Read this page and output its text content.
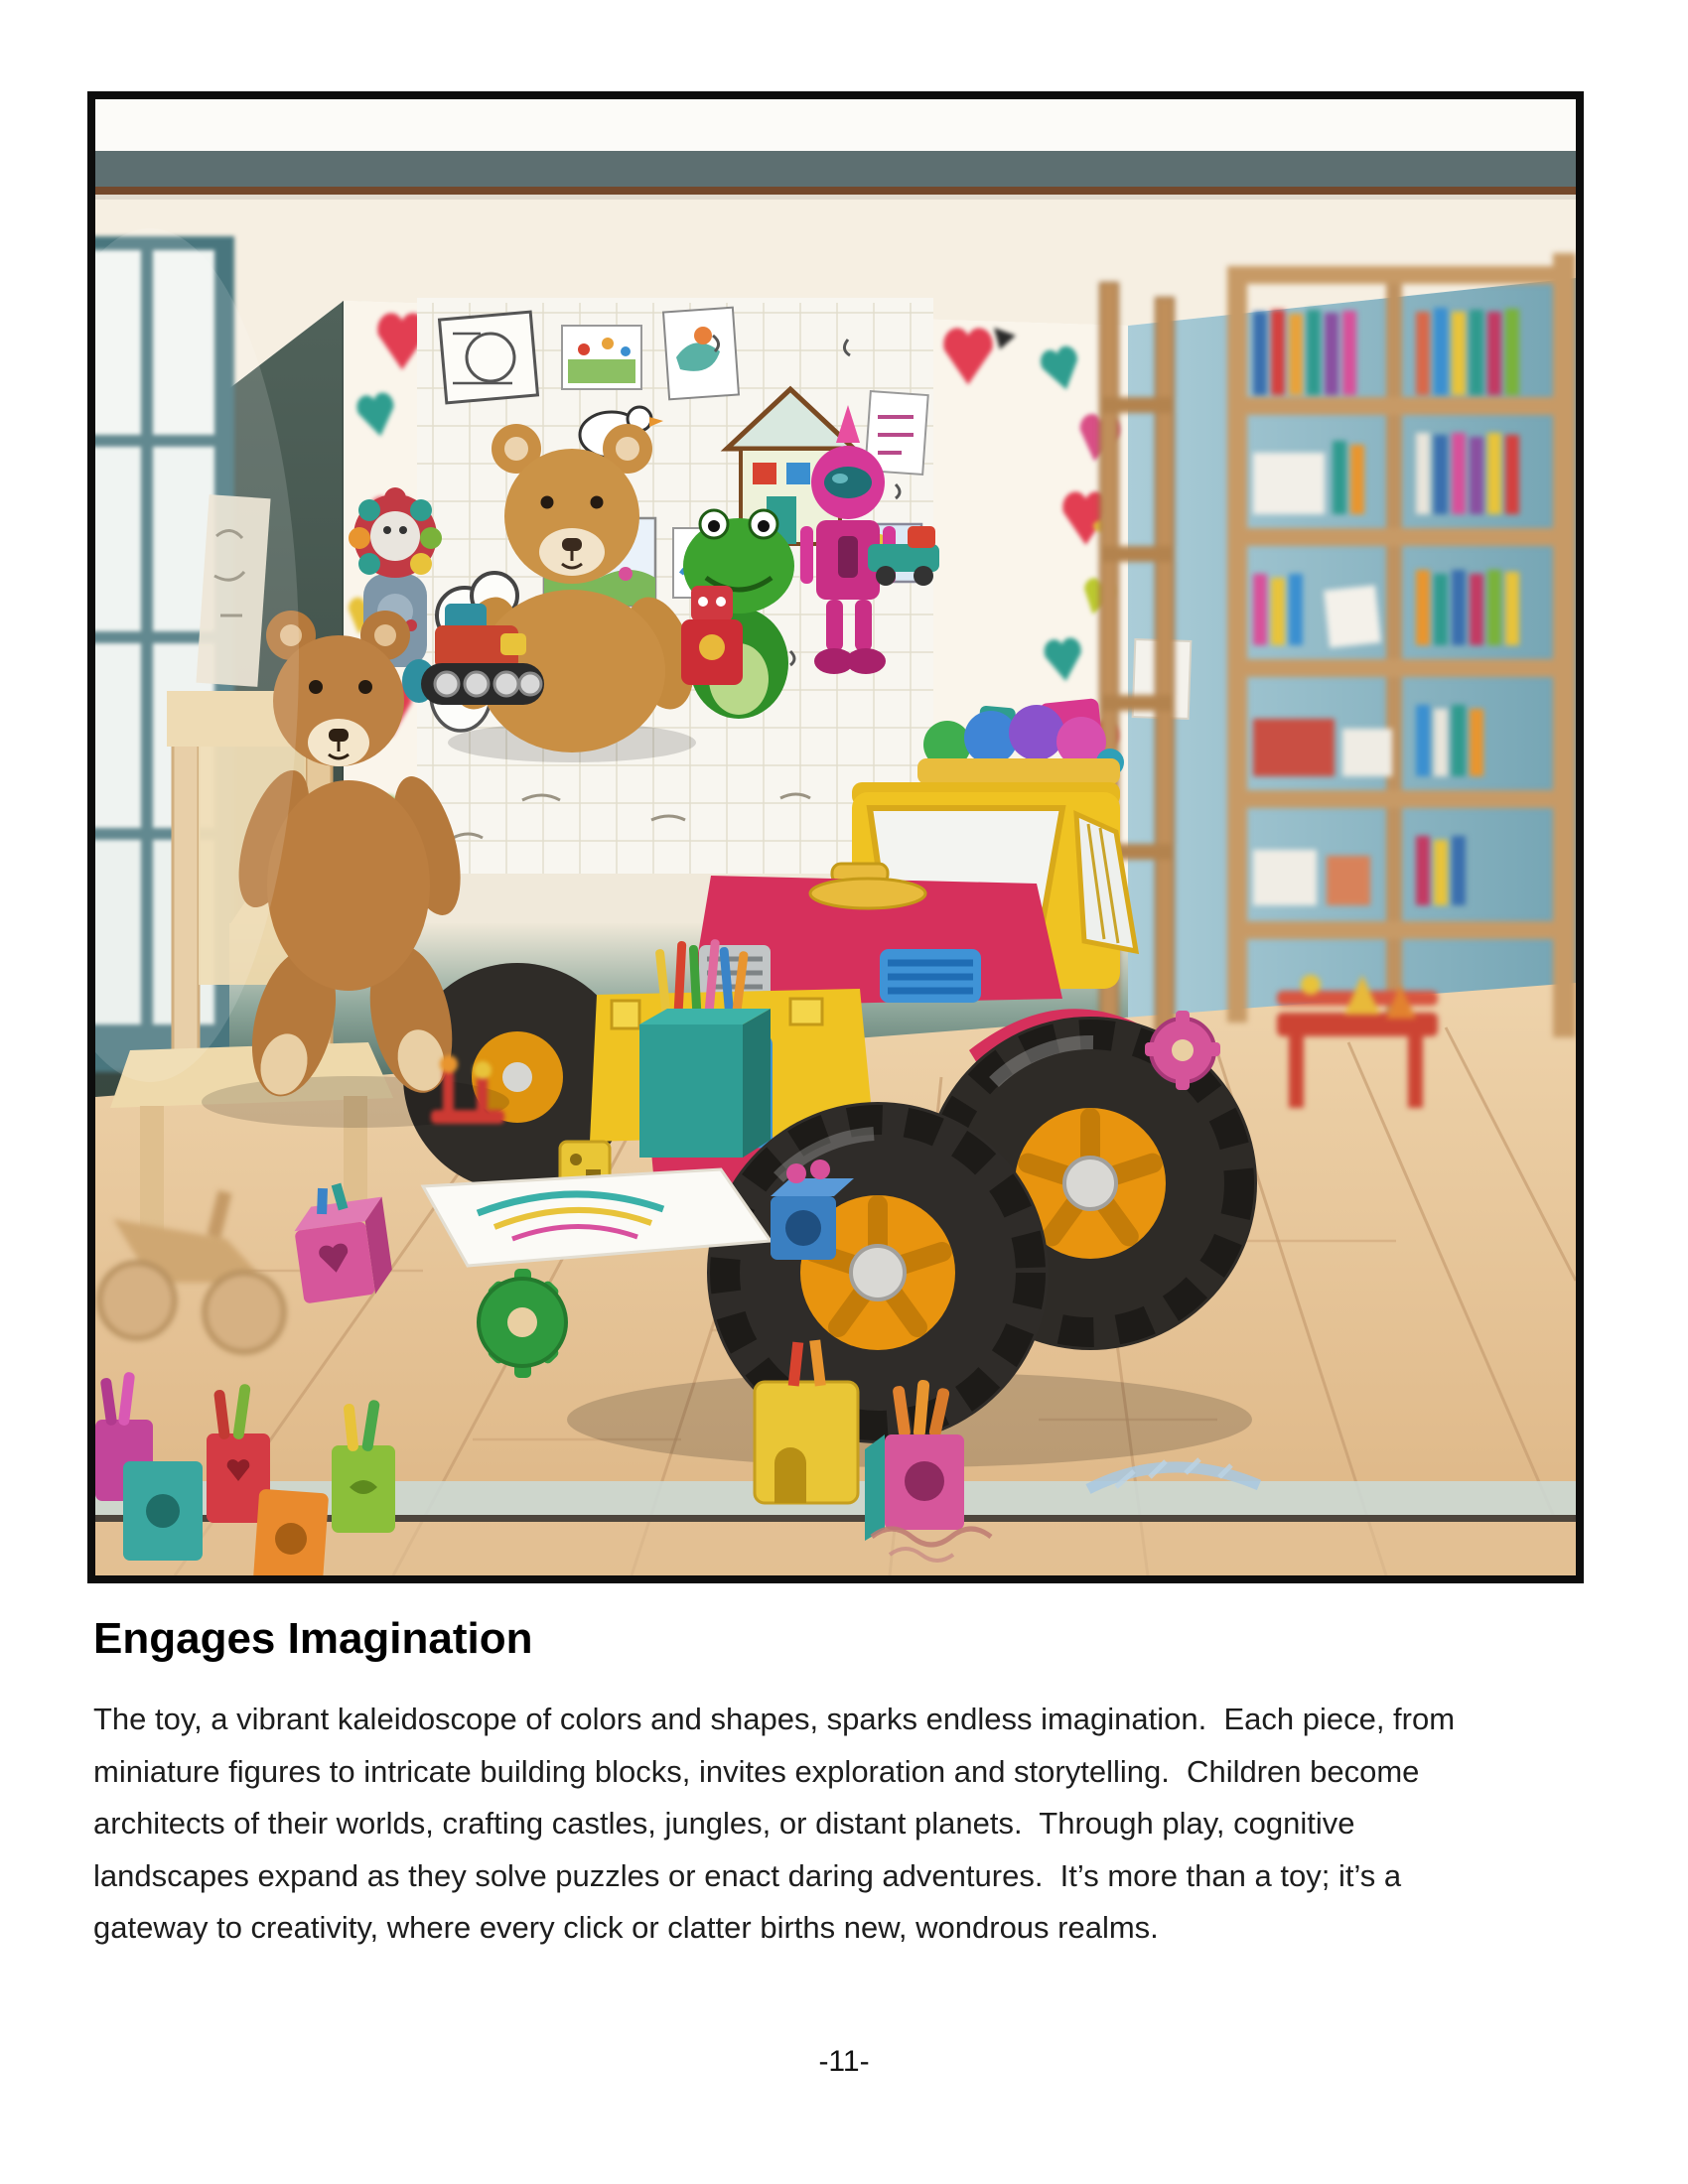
Engages Imagination
The toy, a vibrant kaleidoscope of colors and shapes, sparks endless imagination.  Each piece, from
miniature figures to intricate building blocks, invites exploration and storytelling.  Children become
architects of their worlds, crafting castles, jungles, or distant planets.  Through play, cognitive
landscapes expand as they solve puzzles or enact daring adventures.  It’s more than a toy; it’s a
gateway to creativity, where every click or clatter births new, wondrous realms.
-11-
